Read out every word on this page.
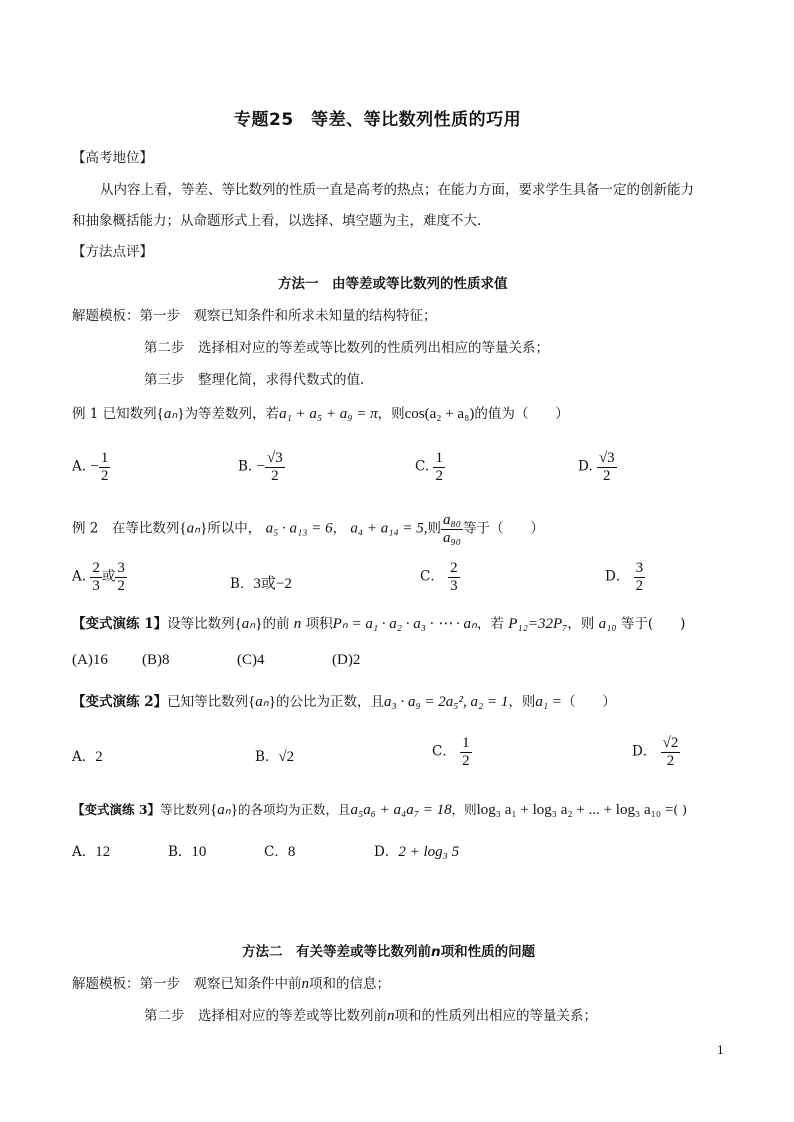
专题25　等差、等比数列性质的巧用
【高考地位】
从内容上看，等差、等比数列的性质一直是高考的热点；在能力方面，要求学生具备一定的创新能力
和抽象概括能力；从命题形式上看，以选择、填空题为主，难度不大.
【方法点评】
方法一　由等差或等比数列的性质求值
解题模板：第一步　观察已知条件和所求未知量的结构特征；
第二步　选择相对应的等差或等比数列的性质列出相应的等量关系；
第三步　整理化简，求得代数式的值.
例 1 已知数列{aₙ}为等差数列，若a₁ + a₅ + a₉ = π，则cos(a₂ + a₈)的值为（　　）
A. − $\frac{1}{2}$	B. − $\frac{√3}{2}$	C. $\frac{1}{2}$	D. $\frac{√3}{2}$
例 2　在等比数列{aₙ}所以中， a₅ · a₁₃ = 6， a₄ + a₁₄ = 5,则 $\frac{\text{a₈₀}}{\text{a₉₀}}$ 等于（　　）
A. $\frac{2}{3}$ 或 $\frac{3}{2}$	B．3或−2	C． $\frac{2}{3}$	D． $\frac{3}{2}$
【变式演练 1】设等比数列{aₙ}的前 n 项积Pₙ = a₁ · a₂ · a₃ · ⋯ · aₙ，若 P₁₂=32P₇，则 a₁₀ 等于(　　)
(A)16 (B)8	(C)4	(D)2
【变式演练 2】已知等比数列{aₙ}的公比为正数，且a₃ · a₉ = 2a₅², a₂ = 1，则a₁ =（　　）
A．2	B．√2	C． $\frac{1}{2}$	D． $\frac{√2}{2}$
【变式演练 3】等比数列{aₙ}的各项均为正数，且a₅a₆ + a₄a₇ = 18，则log₃ a₁ + log₃ a₂ + ... + log₃ a₁₀ =( )
A．12	B．10	C．8	D．2 + log₃ 5
方法二　有关等差或等比数列前n项和性质的问题
解题模板：第一步　观察已知条件中前n项和的信息；
第二步　选择相对应的等差或等比数列前n项和的性质列出相应的等量关系；
1
